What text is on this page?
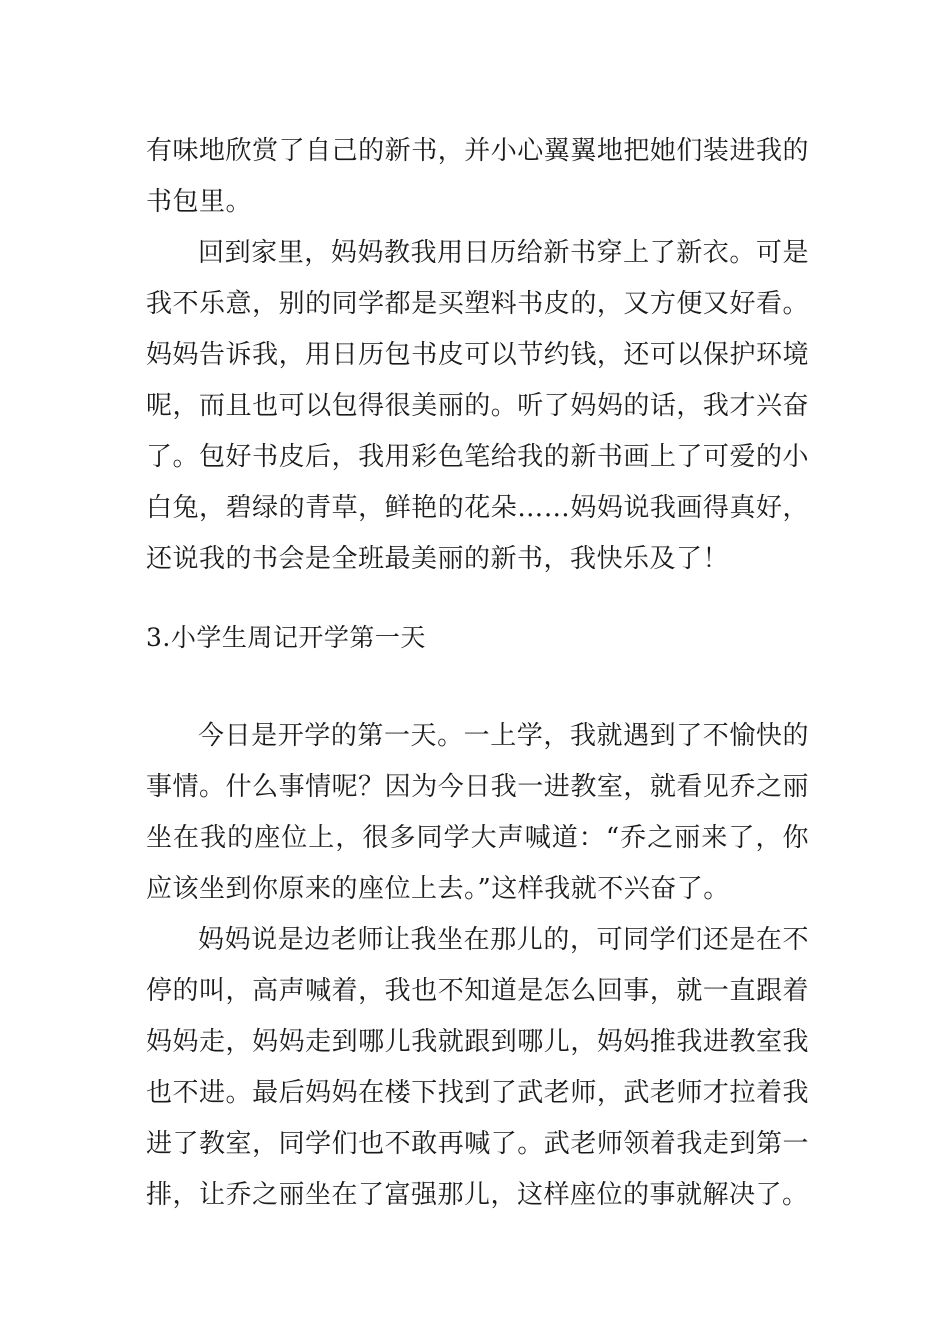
有味地欣赏了自己的新书，并小心翼翼地把她们装进我的书包里。

回到家里，妈妈教我用日历给新书穿上了新衣。可是我不乐意，别的同学都是买塑料书皮的，又方便又好看。妈妈告诉我，用日历包书皮可以节约钱，还可以保护环境呢，而且也可以包得很美丽的。听了妈妈的话，我才兴奋了。包好书皮后，我用彩色笔给我的新书画上了可爱的小白兔，碧绿的青草，鲜艳的花朵……妈妈说我画得真好，还说我的书会是全班最美丽的新书，我快乐及了！

3.小学生周记开学第一天

今日是开学的第一天。一上学，我就遇到了不愉快的事情。什么事情呢？因为今日我一进教室，就看见乔之丽坐在我的座位上，很多同学大声喊道：“乔之丽来了，你应该坐到你原来的座位上去。”这样我就不兴奋了。

妈妈说是边老师让我坐在那儿的，可同学们还是在不停的叫，高声喊着，我也不知道是怎么回事，就一直跟着妈妈走，妈妈走到哪儿我就跟到哪儿，妈妈推我进教室我也不进。最后妈妈在楼下找到了武老师，武老师才拉着我进了教室，同学们也不敢再喊了。武老师领着我走到第一排，让乔之丽坐在了富强那儿，这样座位的事就解决了。
